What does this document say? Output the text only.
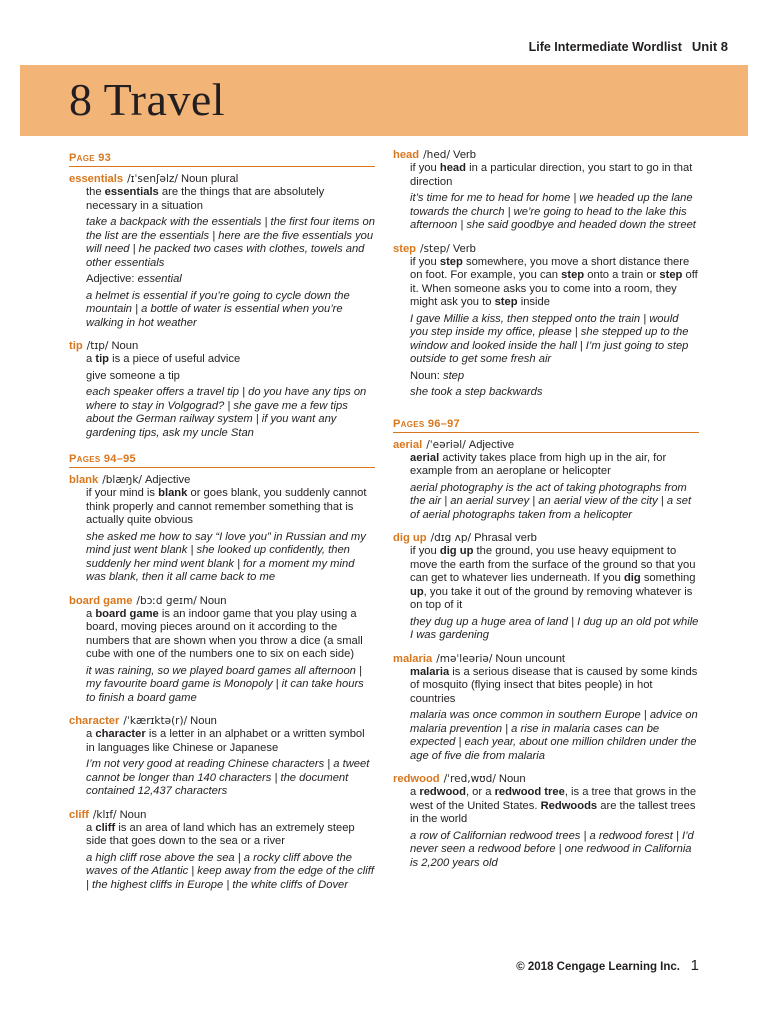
Life Intermediate Wordlist Unit 8
8 Travel
Page 93
essentials /ɪˈsenʃəlz/ Noun plural
the essentials are the things that are absolutely necessary in a situation
take a backpack with the essentials | the first four items on the list are the essentials | here are the five essentials you will need | he packed two cases with clothes, towels and other essentials
Adjective: essential
a helmet is essential if you’re going to cycle down the mountain | a bottle of water is essential when you’re walking in hot weather
tip /tɪp/ Noun
a tip is a piece of useful advice
give someone a tip
each speaker offers a travel tip | do you have any tips on where to stay in Volgograd? | she gave me a few tips about the German railway system | if you want any gardening tips, ask my uncle Stan
Pages 94–95
blank /blæŋk/ Adjective
if your mind is blank or goes blank, you suddenly cannot think properly and cannot remember something that is actually quite obvious
she asked me how to say “I love you” in Russian and my mind just went blank | she looked up confidently, then suddenly her mind went blank | for a moment my mind was blank, then it all came back to me
board game /bɔːd geɪm/ Noun
a board game is an indoor game that you play using a board, moving pieces around on it according to the numbers that are shown when you throw a dice (a small cube with one of the numbers one to six on each side)
it was raining, so we played board games all afternoon | my favourite board game is Monopoly | it can take hours to finish a board game
character /ˈkærɪktə(r)/ Noun
a character is a letter in an alphabet or a written symbol in languages like Chinese or Japanese
I’m not very good at reading Chinese characters | a tweet cannot be longer than 140 characters | the document contained 12,437 characters
cliff /klɪf/ Noun
a cliff is an area of land which has an extremely steep side that goes down to the sea or a river
a high cliff rose above the sea | a rocky cliff above the waves of the Atlantic | keep away from the edge of the cliff | the highest cliffs in Europe | the white cliffs of Dover
head /hed/ Verb
if you head in a particular direction, you start to go in that direction
it’s time for me to head for home | we headed up the lane towards the church | we’re going to head to the lake this afternoon | she said goodbye and headed down the street
step /step/ Verb
if you step somewhere, you move a short distance there on foot. For example, you can step onto a train or step off it. When someone asks you to come into a room, they might ask you to step inside
I gave Millie a kiss, then stepped onto the train | would you step inside my office, please | she stepped up to the window and looked inside the hall | I’m just going to step outside to get some fresh air
Noun: step
she took a step backwards
Pages 96–97
aerial /ˈeəriəl/ Adjective
aerial activity takes place from high up in the air, for example from an aeroplane or helicopter
aerial photography is the act of taking photographs from the air | an aerial survey | an aerial view of the city | a set of aerial photographs taken from a helicopter
dig up /dɪg ʌp/ Phrasal verb
if you dig up the ground, you use heavy equipment to move the earth from the surface of the ground so that you can get to whatever lies underneath. If you dig something up, you take it out of the ground by removing whatever is on top of it
they dug up a huge area of land | I dug up an old pot while I was gardening
malaria /məˈleəriə/ Noun uncount
malaria is a serious disease that is caused by some kinds of mosquito (flying insect that bites people) in hot countries
malaria was once common in southern Europe | advice on malaria prevention | a rise in malaria cases can be expected | each year, about one million children under the age of five die from malaria
redwood /ˈred,wʊd/ Noun
a redwood, or a redwood tree, is a tree that grows in the west of the United States. Redwoods are the tallest trees in the world
a row of Californian redwood trees | a redwood forest | I’d never seen a redwood before | one redwood in California is 2,200 years old
© 2018 Cengage Learning Inc. 1
